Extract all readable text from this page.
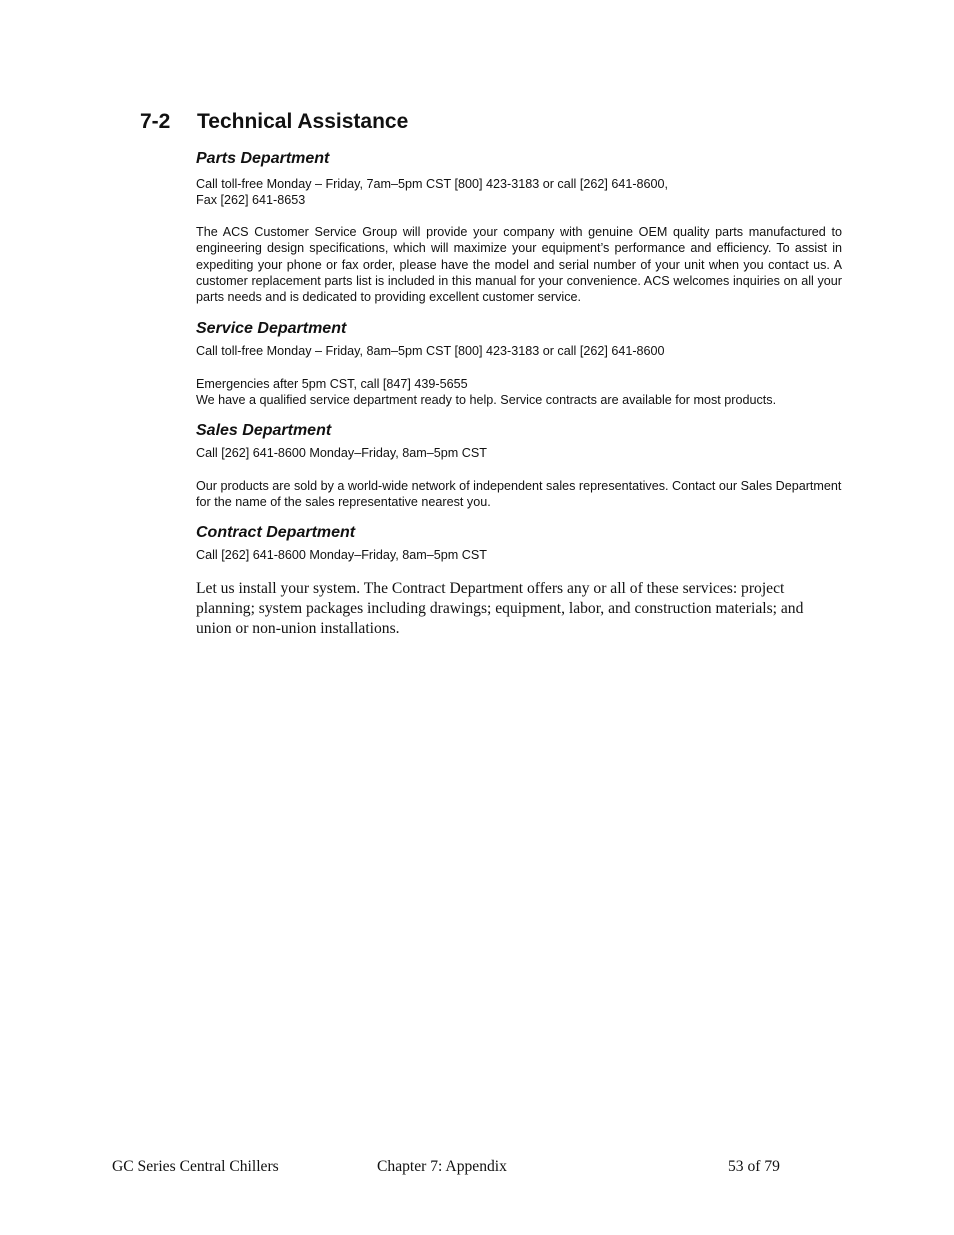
7-2 Technical Assistance
Parts Department

Call toll-free Monday – Friday, 7am–5pm CST [800] 423-3183 or call [262] 641-8600,

Fax [262] 641-8653

The ACS Customer Service Group will provide your company with genuine OEM quality parts manufactured to engineering design specifications, which will maximize your equipment’s performance and efficiency. To assist in expediting your phone or fax order, please have the model and serial number of your unit when you contact us. A customer replacement parts list is included in this manual for your convenience. ACS welcomes inquiries on all your parts needs and is dedicated to providing excellent customer service.

Service Department

Call toll-free Monday – Friday, 8am–5pm CST [800] 423-3183 or call [262] 641-8600

Emergencies after 5pm CST, call [847] 439-5655

We have a qualified service department ready to help. Service contracts are available for most products.

Sales Department

Call [262] 641-8600 Monday–Friday, 8am–5pm CST

Our products are sold by a world-wide network of independent sales representatives. Contact our Sales Department for the name of the sales representative nearest you.

Contract Department

Call [262] 641-8600 Monday–Friday, 8am–5pm CST

Let us install your system. The Contract Department offers any or all of these services: project planning; system packages including drawings; equipment, labor, and construction materials; and union or non-union installations.

GC Series Central Chillers	Chapter 7: Appendix	53 of 79
